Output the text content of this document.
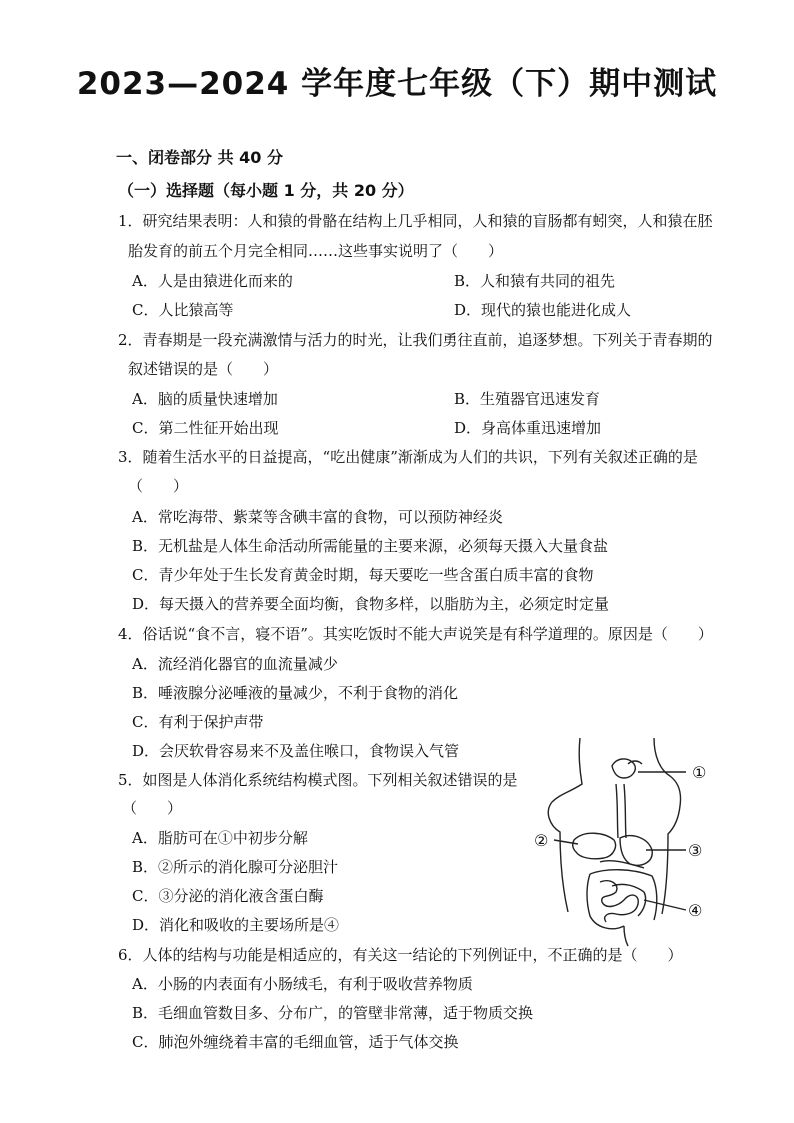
2023—2024 学年度七年级（下）期中测试
一、闭卷部分 共 40 分
（一）选择题（每小题 1 分，共 20 分）
1．研究结果表明：人和猿的骨骼在结构上几乎相同，人和猿的盲肠都有蚓突，人和猿在胚
胎发育的前五个月完全相同……这些事实说明了（　　）
A．人是由猿进化而来的	B．人和猿有共同的祖先
C．人比猿高等	D．现代的猿也能进化成人
2．青春期是一段充满激情与活力的时光，让我们勇往直前，追逐梦想。下列关于青春期的
叙述错误的是（　　）
A．脑的质量快速增加	B．生殖器官迅速发育
C．第二性征开始出现	D．身高体重迅速增加
3．随着生活水平的日益提高，“吃出健康”渐渐成为人们的共识，下列有关叙述正确的是
（　　）
A．常吃海带、紫菜等含碘丰富的食物，可以预防神经炎
B．无机盐是人体生命活动所需能量的主要来源，必须每天摄入大量食盐
C．青少年处于生长发育黄金时期，每天要吃一些含蛋白质丰富的食物
D．每天摄入的营养要全面均衡，食物多样，以脂肪为主，必须定时定量
4．俗话说“食不言，寝不语”。其实吃饭时不能大声说笑是有科学道理的。原因是（　　）
A．流经消化器官的血流量减少
B．唾液腺分泌唾液的量减少，不利于食物的消化
C．有利于保护声带
D．会厌软骨容易来不及盖住喉口，食物误入气管
5．如图是人体消化系统结构模式图。下列相关叙述错误的是
（　　）
A．脂肪可在①中初步分解
B．②所示的消化腺可分泌胆汁
C．③分泌的消化液含蛋白酶
D．消化和吸收的主要场所是④
①
②
③
④
6．人体的结构与功能是相适应的，有关这一结论的下列例证中，不正确的是（　　）
A．小肠的内表面有小肠绒毛，有利于吸收营养物质
B．毛细血管数目多、分布广，的管壁非常薄，适于物质交换
C．肺泡外缠绕着丰富的毛细血管，适于气体交换
